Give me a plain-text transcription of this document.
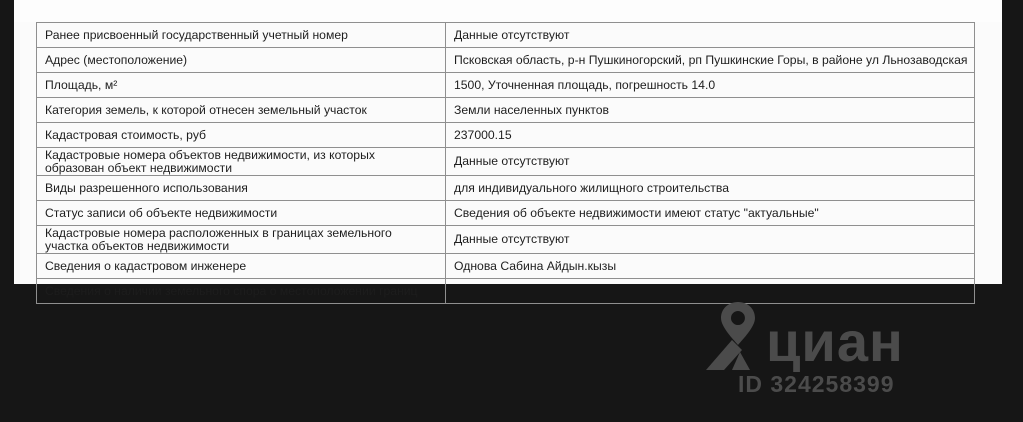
Ранее присвоенный государственный учетный номер	Данные отсутствуют
Адрес (местоположение)	Псковская область, р-н Пушкиногорский, рп Пушкинские Горы, в районе ул Льнозаводская
Площадь, м²	1500, Уточненная площадь, погрешность 14.0
Категория земель, к которой отнесен земельный участок	Земли населенных пунктов
Кадастровая стоимость, руб	237000.15
Кадастровые номера объектов недвижимости, из которых образован объект недвижимости	Данные отсутствуют
Виды разрешенного использования	для индивидуального жилищного строительства
Статус записи об объекте недвижимости	Сведения об объекте недвижимости имеют статус "актуальные"
Кадастровые номера расположенных в границах земельного участка объектов недвижимости	Данные отсутствуют
Сведения о кадастровом инженере	Однова Сабина Айдын.кызы
Сведения о наличии земельного спора о местоположении границ	
циан
ID 324258399
